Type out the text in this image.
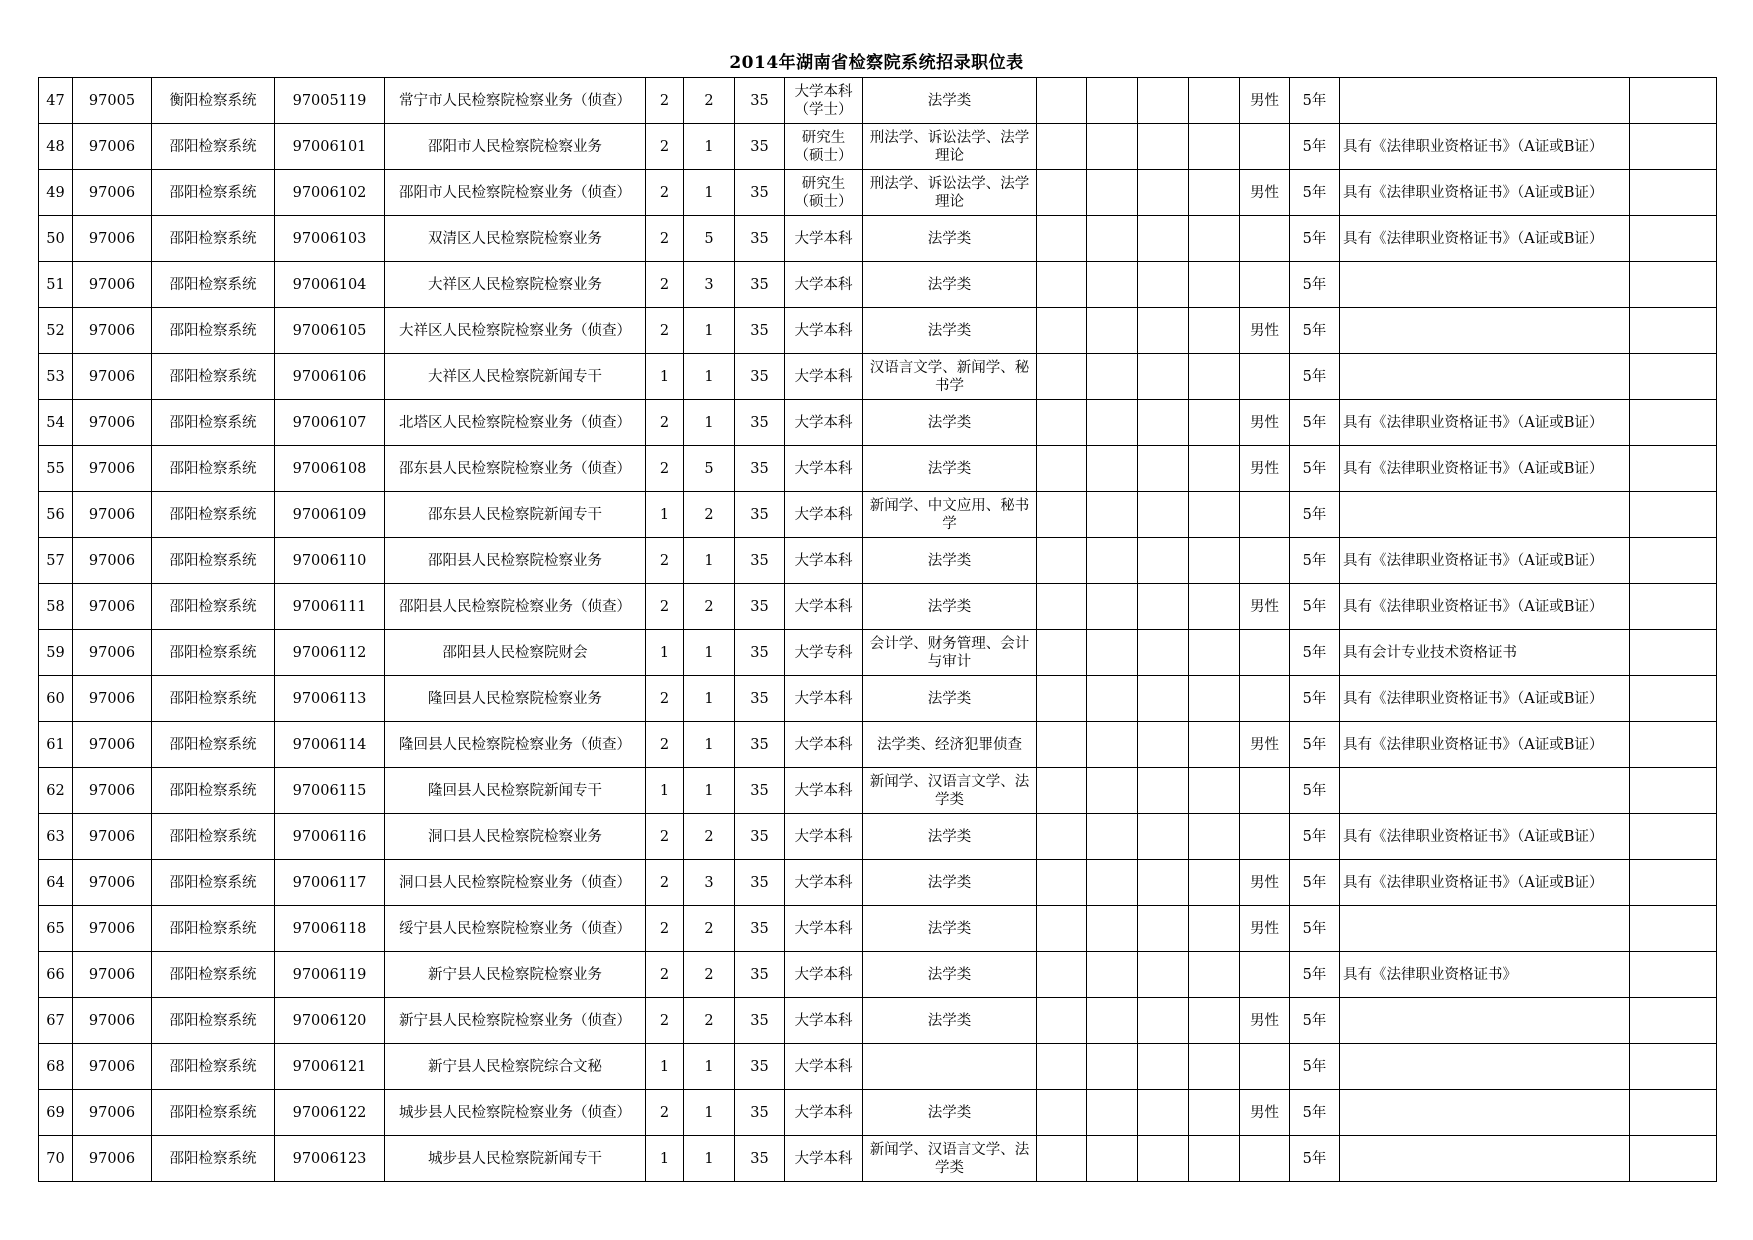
2014年湖南省检察院系统招录职位表
47	97005	衡阳检察系统	97005119	常宁市人民检察院检察业务（侦查）	2	2	35	大学本科（学士）	法学类					男性	5年		
48	97006	邵阳检察系统	97006101	邵阳市人民检察院检察业务	2	1	35	研究生（硕士）	刑法学、诉讼法学、法学理论						5年	具有《法律职业资格证书》（A证或B证）	
49	97006	邵阳检察系统	97006102	邵阳市人民检察院检察业务（侦查）	2	1	35	研究生（硕士）	刑法学、诉讼法学、法学理论					男性	5年	具有《法律职业资格证书》（A证或B证）	
50	97006	邵阳检察系统	97006103	双清区人民检察院检察业务	2	5	35	大学本科	法学类						5年	具有《法律职业资格证书》（A证或B证）	
51	97006	邵阳检察系统	97006104	大祥区人民检察院检察业务	2	3	35	大学本科	法学类						5年		
52	97006	邵阳检察系统	97006105	大祥区人民检察院检察业务（侦查）	2	1	35	大学本科	法学类					男性	5年		
53	97006	邵阳检察系统	97006106	大祥区人民检察院新闻专干	1	1	35	大学本科	汉语言文学、新闻学、秘书学						5年		
54	97006	邵阳检察系统	97006107	北塔区人民检察院检察业务（侦查）	2	1	35	大学本科	法学类					男性	5年	具有《法律职业资格证书》（A证或B证）	
55	97006	邵阳检察系统	97006108	邵东县人民检察院检察业务（侦查）	2	5	35	大学本科	法学类					男性	5年	具有《法律职业资格证书》（A证或B证）	
56	97006	邵阳检察系统	97006109	邵东县人民检察院新闻专干	1	2	35	大学本科	新闻学、中文应用、秘书学						5年		
57	97006	邵阳检察系统	97006110	邵阳县人民检察院检察业务	2	1	35	大学本科	法学类						5年	具有《法律职业资格证书》（A证或B证）	
58	97006	邵阳检察系统	97006111	邵阳县人民检察院检察业务（侦查）	2	2	35	大学本科	法学类					男性	5年	具有《法律职业资格证书》（A证或B证）	
59	97006	邵阳检察系统	97006112	邵阳县人民检察院财会	1	1	35	大学专科	会计学、财务管理、会计与审计						5年	具有会计专业技术资格证书	
60	97006	邵阳检察系统	97006113	隆回县人民检察院检察业务	2	1	35	大学本科	法学类						5年	具有《法律职业资格证书》（A证或B证）	
61	97006	邵阳检察系统	97006114	隆回县人民检察院检察业务（侦查）	2	1	35	大学本科	法学类、经济犯罪侦查					男性	5年	具有《法律职业资格证书》（A证或B证）	
62	97006	邵阳检察系统	97006115	隆回县人民检察院新闻专干	1	1	35	大学本科	新闻学、汉语言文学、法学类						5年		
63	97006	邵阳检察系统	97006116	洞口县人民检察院检察业务	2	2	35	大学本科	法学类						5年	具有《法律职业资格证书》（A证或B证）	
64	97006	邵阳检察系统	97006117	洞口县人民检察院检察业务（侦查）	2	3	35	大学本科	法学类					男性	5年	具有《法律职业资格证书》（A证或B证）	
65	97006	邵阳检察系统	97006118	绥宁县人民检察院检察业务（侦查）	2	2	35	大学本科	法学类					男性	5年		
66	97006	邵阳检察系统	97006119	新宁县人民检察院检察业务	2	2	35	大学本科	法学类						5年	具有《法律职业资格证书》	
67	97006	邵阳检察系统	97006120	新宁县人民检察院检察业务（侦查）	2	2	35	大学本科	法学类					男性	5年		
68	97006	邵阳检察系统	97006121	新宁县人民检察院综合文秘	1	1	35	大学本科							5年		
69	97006	邵阳检察系统	97006122	城步县人民检察院检察业务（侦查）	2	1	35	大学本科	法学类					男性	5年		
70	97006	邵阳检察系统	97006123	城步县人民检察院新闻专干	1	1	35	大学本科	新闻学、汉语言文学、法学类						5年		
